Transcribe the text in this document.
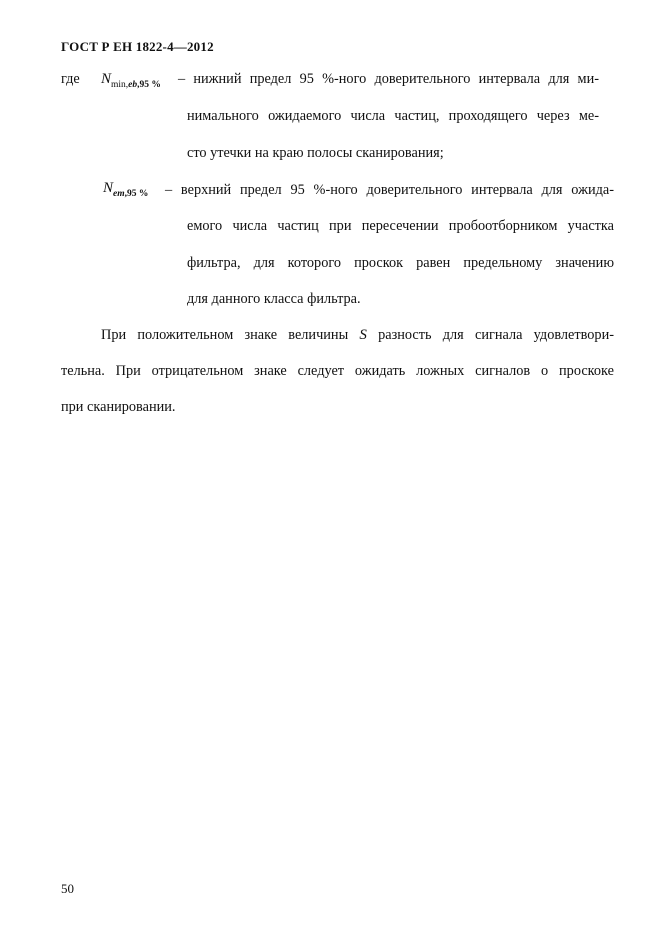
ГОСТ Р ЕН 1822-4—2012
где $N_{min,eb,95 \%}$ – нижний предел 95 %-ного доверительного интервала для ми-
нимального ожидаемого числа частиц, проходящего через ме-
сто утечки на краю полосы сканирования;
$N_{em,95 \%}$ – верхний предел 95 %-ного доверительного интервала для ожида-
емого числа частиц при пересечении пробоотборником участка
фильтра, для которого проскок равен предельному значению
для данного класса фильтра.
При положительном знаке величины S разность для сигнала удовлетвори-
тельна. При отрицательном знаке следует ожидать ложных сигналов о проскоке
при сканировании.
50
